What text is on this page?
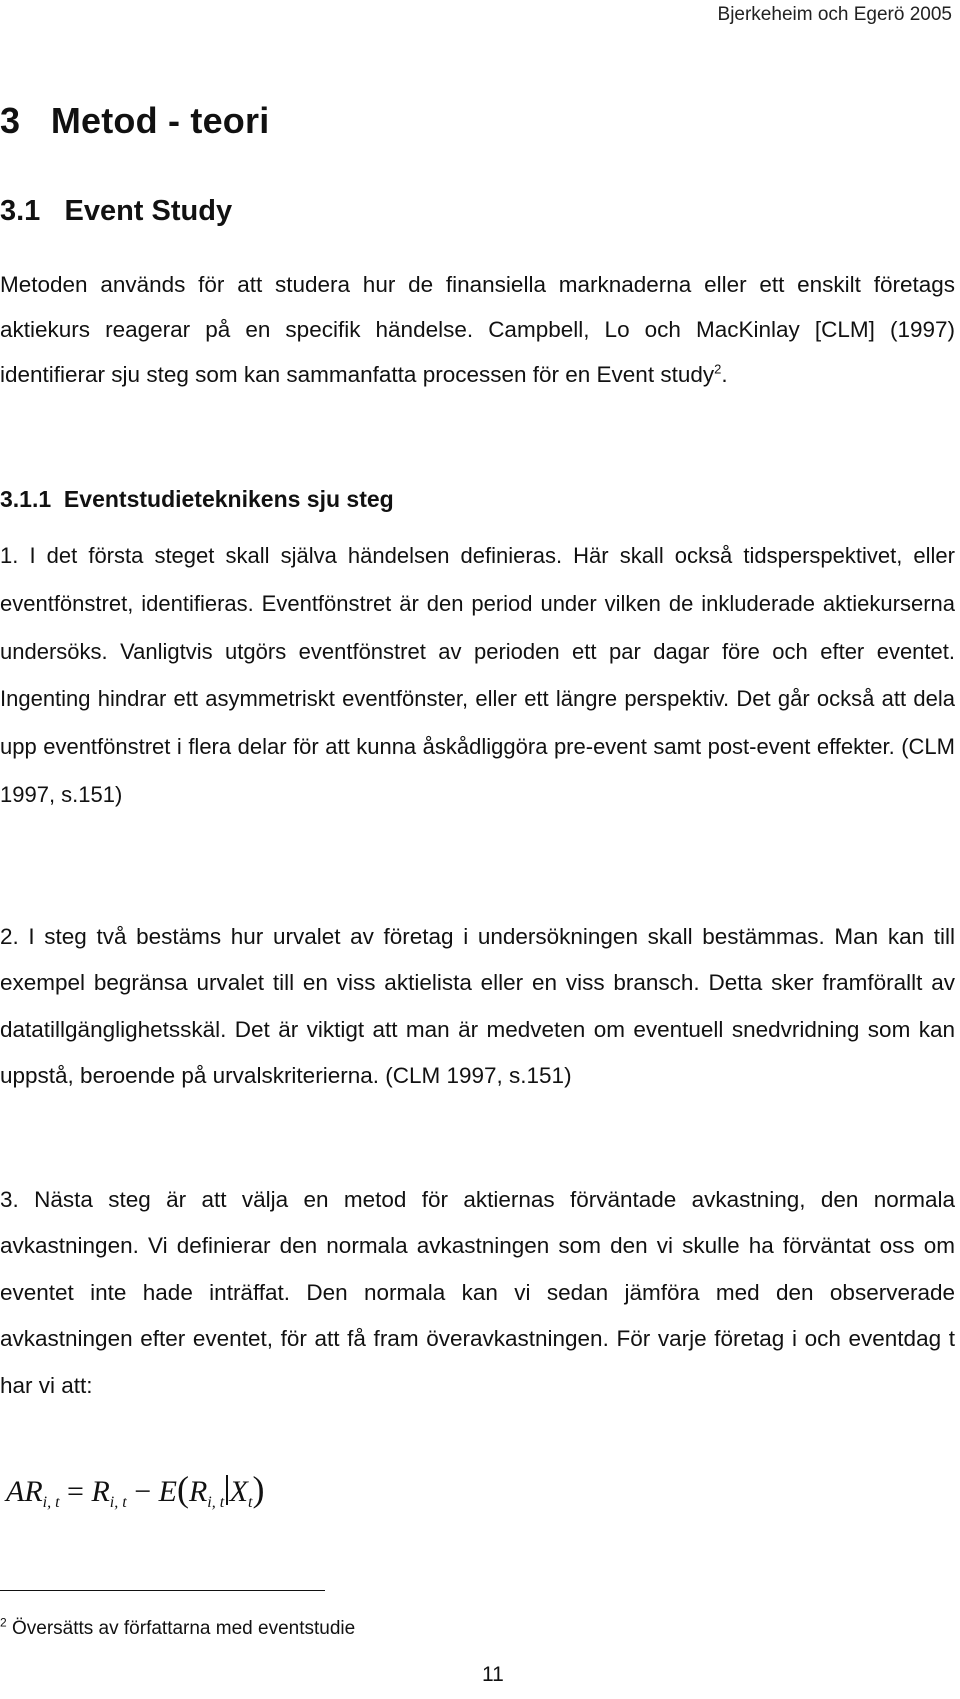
Bjerkeheim och Egerö 2005
3   Metod - teori
3.1   Event Study

Metoden används för att studera hur de finansiella marknaderna eller ett enskilt företags aktiekurs reagerar på en specifik händelse. Campbell, Lo och MacKinlay [CLM] (1997) identifierar sju steg som kan sammanfatta processen för en Event study$^2$.

3.1.1  Eventstudieteknikens sju steg

1. I det första steget skall själva händelsen definieras. Här skall också tidsperspektivet, eller eventfönstret, identifieras. Eventfönstret är den period under vilken de inkluderade aktiekurserna undersöks. Vanligtvis utgörs eventfönstret av perioden ett par dagar före och efter eventet. Ingenting hindrar ett asymmetriskt eventfönster, eller ett längre perspektiv. Det går också att dela upp eventfönstret i flera delar för att kunna åskådliggöra pre-event samt post-event effekter. (CLM 1997, s.151)

2. I steg två bestäms hur urvalet av företag i undersökningen skall bestämmas. Man kan till exempel begränsa urvalet till en viss aktielista eller en viss bransch. Detta sker framförallt av datatillgänglighetsskäl. Det är viktigt att man är medveten om eventuell snedvridning som kan uppstå, beroende på urvalskriterierna. (CLM 1997, s.151)

3. Nästa steg är att välja en metod för aktiernas förväntade avkastning, den normala avkastningen. Vi definierar den normala avkastningen som den vi skulle ha förväntat oss om eventet inte hade inträffat. Den normala kan vi sedan jämföra med den observerade avkastningen efter eventet, för att få fram överavkastningen. För varje företag i och eventdag t har vi att:

$AR_{i, t} = R_{i, t} - E(R_{i, t}$ $X_t$)

$^2$ Översätts av författarna med eventstudie

11
